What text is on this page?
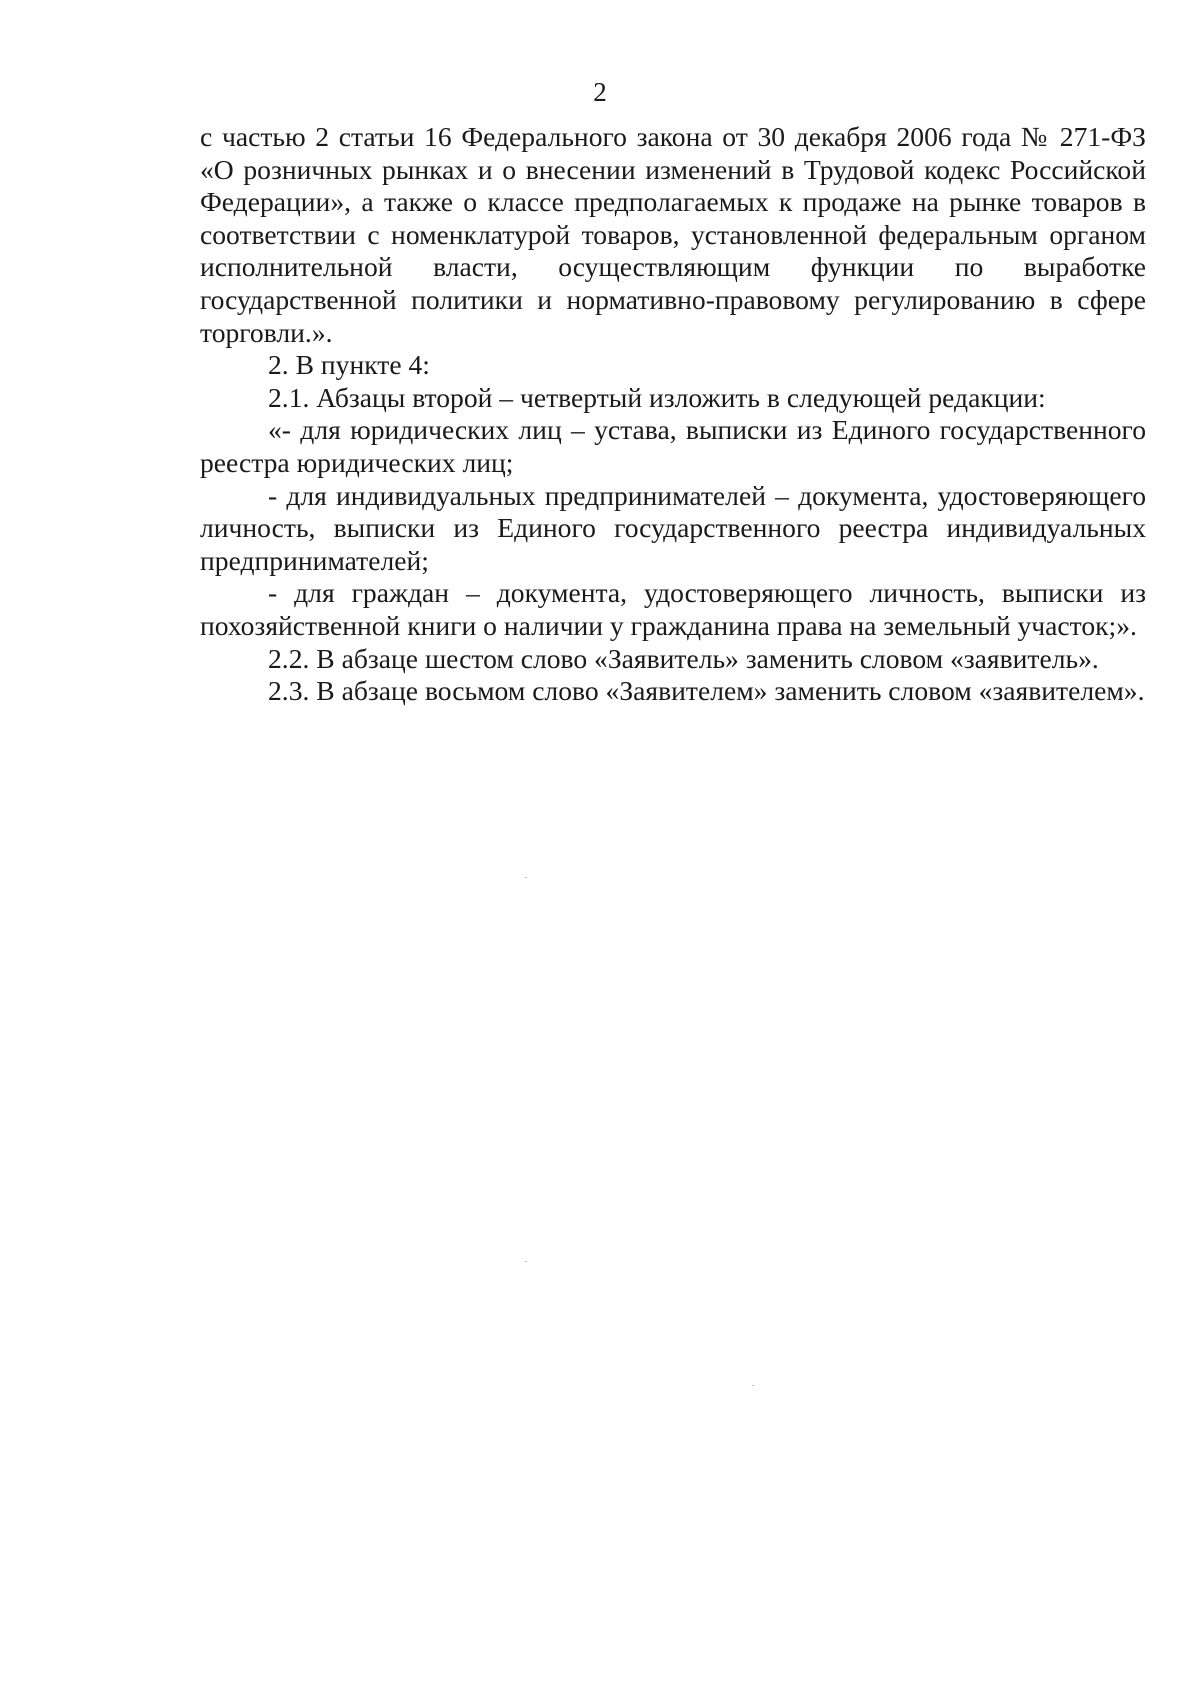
2

с частью 2 статьи 16 Федерального закона от 30 декабря 2006 года № 271-ФЗ «О розничных рынках и о внесении изменений в Трудовой кодекс Российской Федерации», а также о классе предполагаемых к продаже на рынке товаров в соответствии с номенклатурой товаров, установленной федеральным органом исполнительной власти, осуществляющим функции по выработке государственной политики и нормативно-правовому регулированию в сфере торговли.».

2. В пункте 4:

2.1. Абзацы второй – четвертый изложить в следующей редакции:

«- для юридических лиц – устава, выписки из Единого государственного реестра юридических лиц;

- для индивидуальных предпринимателей – документа, удостоверяющего личность, выписки из Единого государственного реестра индивидуальных предпринимателей;

- для граждан – документа, удостоверяющего личность, выписки из похозяйственной книги о наличии у гражданина права на земельный участок;».

2.2. В абзаце шестом слово «Заявитель» заменить словом «заявитель».

2.3. В абзаце восьмом слово «Заявителем» заменить словом «заявителем».
